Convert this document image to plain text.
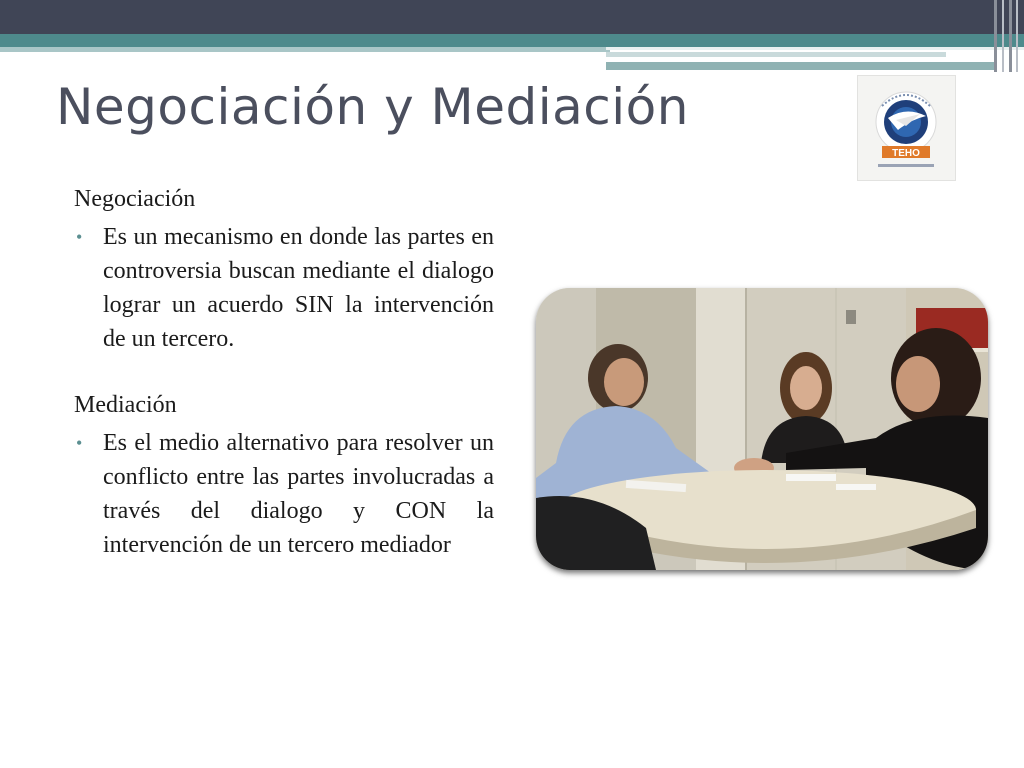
Negociación y Mediación
TEHO

Negociación

• Es un mecanismo en donde las partes en controversia buscan mediante el dialogo lograr un acuerdo SIN la intervención de un tercero.

Mediación

• Es el medio alternativo para resolver un conflicto entre las partes involucradas a través del dialogo y CON la intervención de un tercero mediador
